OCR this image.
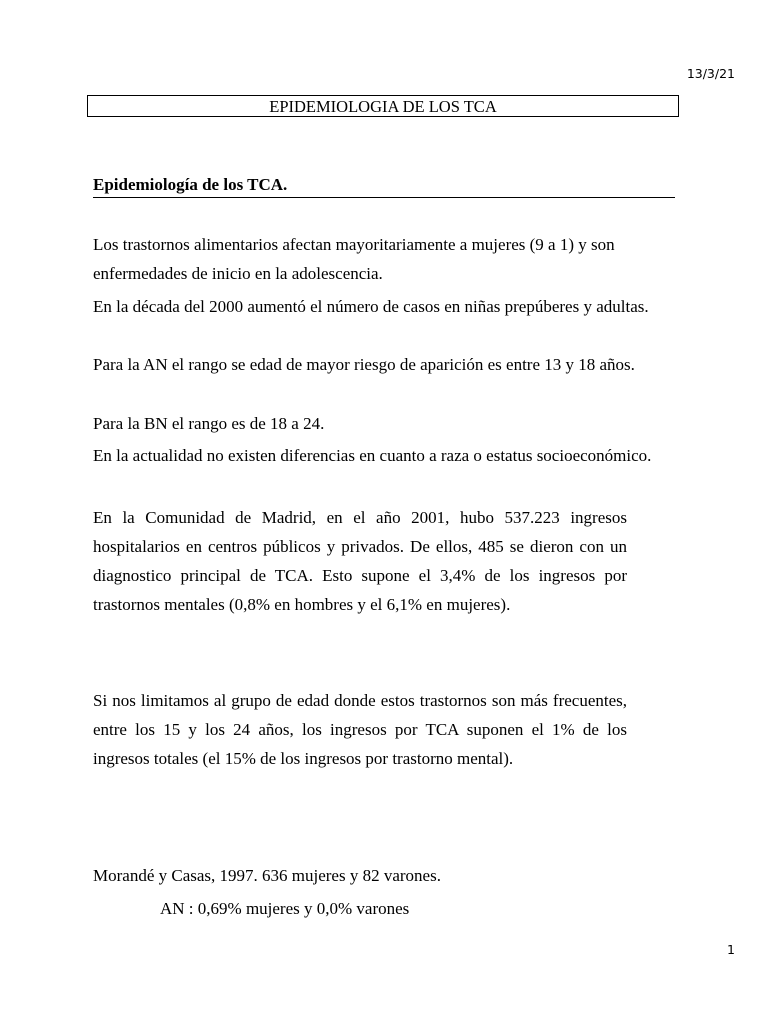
13/3/21
EPIDEMIOLOGIA DE LOS TCA
Epidemiología de los TCA.

Los trastornos alimentarios afectan mayoritariamente a mujeres (9 a 1) y son enfermedades de inicio en la adolescencia.

En la década del 2000 aumentó el número de casos en niñas prepúberes y adultas.

Para la AN el rango se edad de mayor riesgo de aparición es entre 13 y 18 años.

Para la BN el rango es de 18 a 24.

En la actualidad no existen diferencias en cuanto a raza o estatus socioeconómico.

En la Comunidad de Madrid, en el año 2001, hubo 537.223 ingresos hospitalarios en centros públicos y privados. De ellos, 485 se dieron con un diagnostico principal de TCA. Esto supone el 3,4% de los ingresos por trastornos mentales (0,8% en hombres y el 6,1% en mujeres).

Si nos limitamos al grupo de edad donde estos trastornos son más frecuentes, entre los 15 y los 24 años, los ingresos por TCA suponen el 1% de los ingresos totales (el 15% de los ingresos por trastorno mental).

Morandé y Casas, 1997. 636 mujeres y 82 varones.

AN : 0,69% mujeres y 0,0% varones

1
